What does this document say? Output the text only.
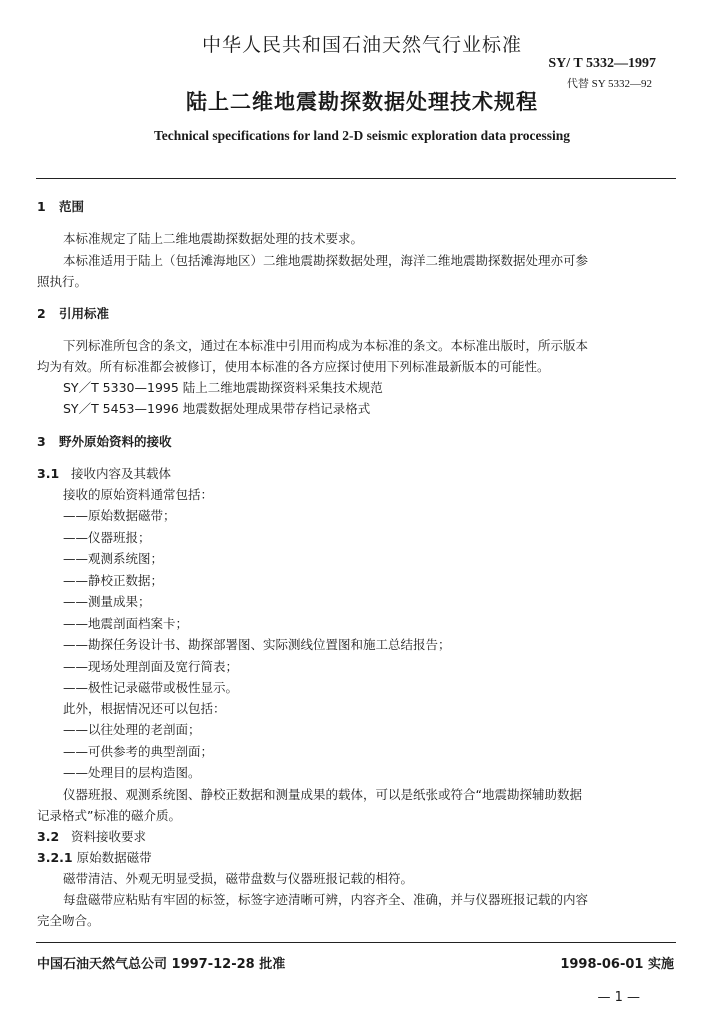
中华人民共和国石油天然气行业标准
SY/ T 5332—1997
代替 SY 5332—92
陆上二维地震勘探数据处理技术规程
Technical specifications for land 2-D seismic exploration data processing
1 范围
本标准规定了陆上二维地震勘探数据处理的技术要求。
本标准适用于陆上（包括滩海地区）二维地震勘探数据处理，海洋二维地震勘探数据处理亦可参
照执行。
2 引用标准
下列标准所包含的条文，通过在本标准中引用而构成为本标准的条文。本标准出版时，所示版本
均为有效。所有标准都会被修订，使用本标准的各方应探讨使用下列标准最新版本的可能性。
SY／T 5330—1995 陆上二维地震勘探资料采集技术规范
SY／T 5453—1996 地震数据处理成果带存档记录格式
3 野外原始资料的接收
3.1 接收内容及其载体
接收的原始资料通常包括：
——原始数据磁带；
——仪器班报；
——观测系统图；
——静校正数据；
——测量成果；
——地震剖面档案卡；
——勘探任务设计书、勘探部署图、实际测线位置图和施工总结报告；
——现场处理剖面及宽行简表；
——极性记录磁带或极性显示。
此外，根据情况还可以包括：
——以往处理的老剖面；
——可供参考的典型剖面；
——处理目的层构造图。
仪器班报、观测系统图、静校正数据和测量成果的载体，可以是纸张或符合“地震勘探辅助数据
记录格式”标准的磁介质。
3.2 资料接收要求
3.2.1 原始数据磁带
磁带清洁、外观无明显受损，磁带盘数与仪器班报记载的相符。
每盘磁带应粘贴有牢固的标签，标签字迹清晰可辨，内容齐全、准确，并与仪器班报记载的内容
完全吻合。
中国石油天然气总公司 1997-12-28 批准	1998-06-01 实施
— 1 —
